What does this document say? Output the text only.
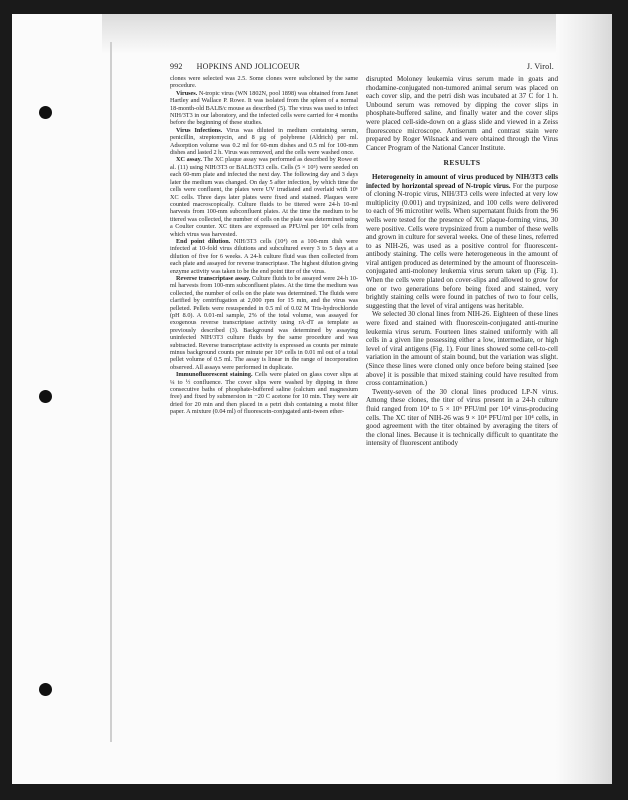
992 HOPKINS AND JOLICOEUR	J. Virol.

clones were selected was 2.5. Some clones were subcloned by the same procedure.

Viruses. N-tropic virus (WN 1802N, pool 1898) was obtained from Janet Hartley and Wallace P. Rowe. It was isolated from the spleen of a normal 18-month-old BALB/c mouse as described (5). The virus was used to infect NIH/3T3 in our laboratory, and the infected cells were carried for 4 months before the beginning of these studies.

Virus Infections. Virus was diluted in medium containing serum, penicillin, streptomycin, and 8 µg of polybrene (Aldrich) per ml. Adsorption volume was 0.2 ml for 60-mm dishes and 0.5 ml for 100-mm dishes and lasted 2 h. Virus was removed, and the cells were washed once.

XC assay. The XC plaque assay was performed as described by Rowe et al. (11) using NIH/3T3 or BALB/3T3 cells. Cells (5 × 10⁵) were seeded on each 60-mm plate and infected the next day. The following day and 3 days later the medium was changed. On day 5 after infection, by which time the cells were confluent, the plates were UV irradiated and overlaid with 10⁶ XC cells. Three days later plates were fixed and stained. Plaques were counted macroscopically. Culture fluids to be titered were 24-h 10-ml harvests from 100-mm subconfluent plates. At the time the medium to be titered was collected, the number of cells on the plate was determined using a Coulter counter. XC titers are expressed as PFU/ml per 10⁴ cells from which virus was harvested.

End point dilution. NIH/3T3 cells (10⁴) on a 100-mm dish were infected at 10-fold virus dilutions and subcultured every 3 to 5 days at a dilution of five for 6 weeks. A 24-h culture fluid was then collected from each plate and assayed for reverse transcriptase. The highest dilution giving enzyme activity was taken to be the end point titer of the virus.

Reverse transcriptase assay. Culture fluids to be assayed were 24-h 10-ml harvests from 100-mm subconfluent plates. At the time the medium was collected, the number of cells on the plate was determined. The fluids were clarified by centrifugation at 2,000 rpm for 15 min, and the virus was pelleted. Pellets were resuspended in 0.5 ml of 0.02 M Tris-hydrochloride (pH 8.0). A 0.01-ml sample, 2% of the total volume, was assayed for exogenous reverse transcriptase activity using rA·dT as template as previously described (3). Background was determined by assaying uninfected NIH/3T3 culture fluids by the same procedure and was subtracted. Reverse transcriptase activity is expressed as counts per minute minus background counts per minute per 10⁶ cells in 0.01 ml out of a total pellet volume of 0.5 ml. The assay is linear in the range of incorporation observed. All assays were performed in duplicate.

Immunofluorescent staining. Cells were plated on glass cover slips at ¼ to ½ confluence. The cover slips were washed by dipping in three consecutive baths of phosphate-buffered saline (calcium and magnesium free) and fixed by submersion in −20 C acetone for 10 min. They were air dried for 20 min and then placed in a petri dish containing a moist filter paper. A mixture (0.04 ml) of fluorescein-conjugated anti-tween ether-

disrupted Moloney leukemia virus serum made in goats and rhodamine-conjugated non-tumored animal serum was placed on each cover slip, and the petri dish was incubated at 37 C for 1 h. Unbound serum was removed by dipping the cover slips in phosphate-buffered saline, and finally water and the cover slips were placed cell-side-down on a glass slide and viewed in a Zeiss fluorescence microscope. Antiserum and contrast stain were prepared by Roger Wilsnack and were obtained through the Virus Cancer Program of the National Cancer Institute.

RESULTS

Heterogeneity in amount of virus produced by NIH/3T3 cells infected by horizontal spread of N-tropic virus. For the purpose of cloning N-tropic virus, NIH/3T3 cells were infected at very low multiplicity (0.001) and trypsinized, and 100 cells were delivered to each of 96 microtiter wells. When supernatant fluids from the 96 wells were tested for the presence of XC plaque-forming virus, 30 were positive. Cells were trypsinized from a number of these wells and grown in culture for several weeks. One of these lines, referred to as NIH-26, was used as a positive control for fluorescent-antibody staining. The cells were heterogeneous in the amount of viral antigen produced as determined by the amount of fluorescein-conjugated anti-moloney leukemia virus serum taken up (Fig. 1). When the cells were plated on cover-slips and allowed to grow for one or two generations before being fixed and stained, very brightly staining cells were found in patches of two to four cells, suggesting that the level of viral antigens was heritable.

We selected 30 clonal lines from NIH-26. Eighteen of these lines were fixed and stained with fluorescein-conjugated anti-murine leukemia virus serum. Fourteen lines stained uniformly with all cells in a given line possessing either a low, intermediate, or high level of viral antigens (Fig. 1). Four lines showed some cell-to-cell variation in the amount of stain bound, but the variation was slight. (Since these lines were cloned only once before being stained [see above] it is possible that mixed staining could have resulted from cross contamination.)

Twenty-seven of the 30 clonal lines produced LP-N virus. Among these clones, the titer of virus present in a 24-h culture fluid ranged from 10⁴ to 5 × 10⁶ PFU/ml per 10⁴ virus-producing cells. The XC titer of NIH-26 was 9 × 10⁴ PFU/ml per 10⁴ cells, in good agreement with the titer obtained by averaging the titers of the clonal lines. Because it is technically difficult to quantitate the intensity of fluorescent antibody
